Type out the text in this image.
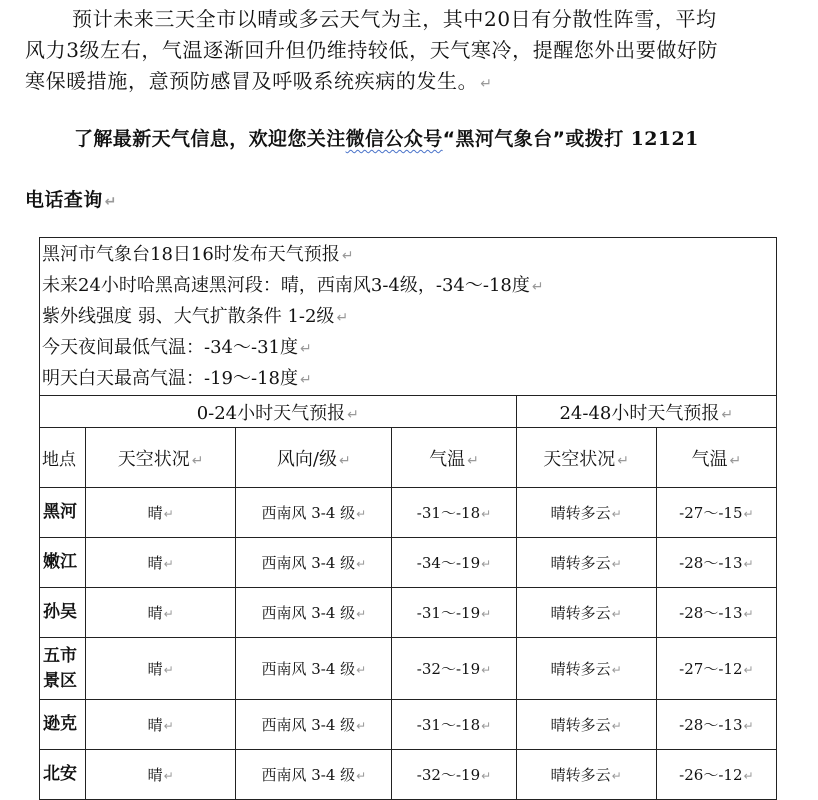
预计未来三天全市以晴或多云天气为主，其中20日有分散性阵雪，平均
风力3级左右，气温逐渐回升但仍维持较低，天气寒冷，提醒您外出要做好防
寒保暖措施，意预防感冒及呼吸系统疾病的发生。 ↵
了解最新天气信息，欢迎您关注微信公众号“黑河气象台”或拨打 12121
电话查询 ↵
黑河市气象台18日16时发布天气预报 ↵
未来24小时哈黑高速黑河段：晴，西南风3-4级，-34～-18度 ↵
紫外线强度 弱、大气扩散条件 1-2级 ↵
今天夜间最低气温：-34～-31度 ↵
明天白天最高气温：-19～-18度 ↵					

0-24小时天气预报 ↵				24-48小时天气预报 ↵	
地点	天空状况 ↵	风向/级 ↵	气温 ↵	天空状况 ↵	气温 ↵
黑河	晴↵	西南风 3-4 级↵	-31～-18↵	晴转多云↵	-27～-15↵
嫩江	晴↵	西南风 3-4 级↵	-34～-19↵	晴转多云↵	-28～-13↵
孙吴	晴↵	西南风 3-4 级↵	-31～-19↵	晴转多云↵	-28～-13↵
五市
景区	晴↵	西南风 3-4 级↵	-32～-19↵	晴转多云↵	-27～-12↵
逊克	晴↵	西南风 3-4 级↵	-31～-18↵	晴转多云↵	-28～-13↵
北安	晴↵	西南风 3-4 级↵	-32～-19↵	晴转多云↵	-26～-12↵
